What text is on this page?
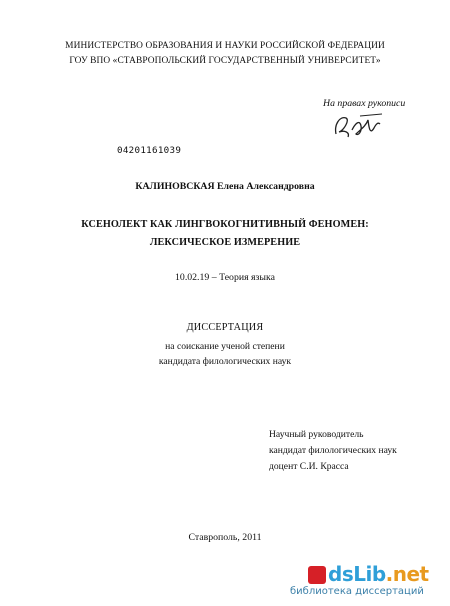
МИНИСТЕРСТВО ОБРАЗОВАНИЯ И НАУКИ РОССИЙСКОЙ ФЕДЕРАЦИИ
ГОУ ВПО «СТАВРОПОЛЬСКИЙ ГОСУДАРСТВЕННЫЙ УНИВЕРСИТЕТ»
На правах рукописи
04201161039
КАЛИНОВСКАЯ Елена Александровна
КСЕНОЛЕКТ КАК ЛИНГВОКОГНИТИВНЫЙ ФЕНОМЕН:
ЛЕКСИЧЕСКОЕ ИЗМЕРЕНИЕ
10.02.19 – Теория языка
ДИССЕРТАЦИЯ
на соискание ученой степени
кандидата филологических наук
Научный руководитель
кандидат филологических наук
доцент С.И. Красса
Ставрополь, 2011
dsLib.net
библиотека диссертаций
